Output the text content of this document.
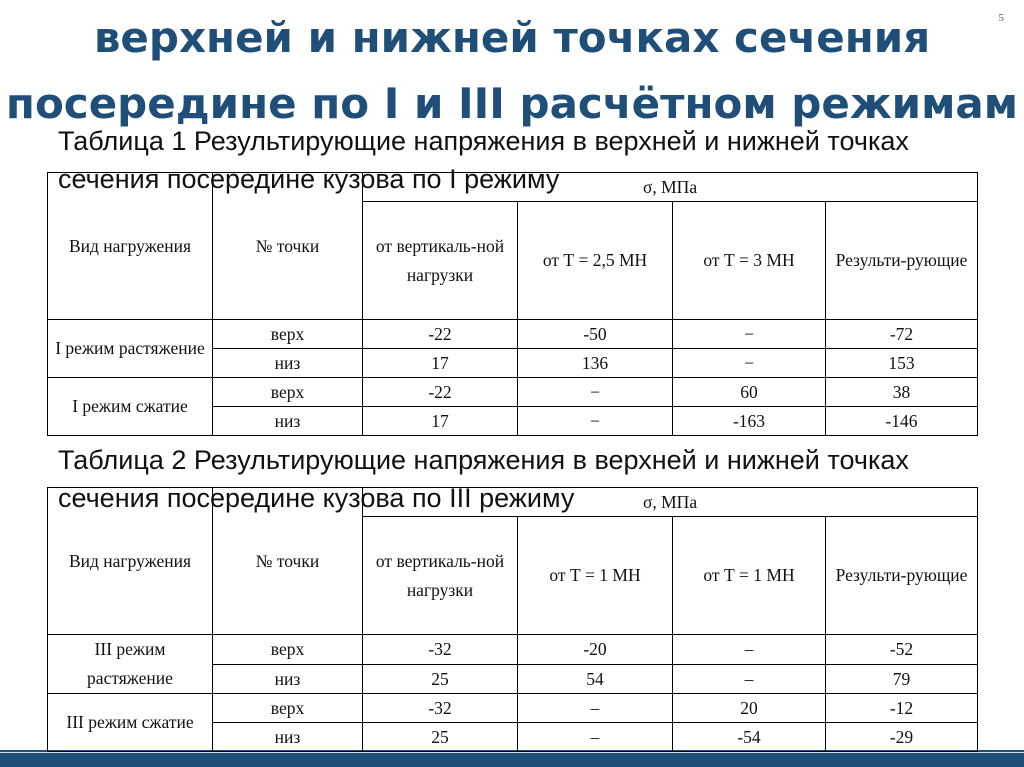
5
верхней и нижней точках сечения посередине по I и III расчётном режимам
Таблица 1 Результирующие напряжения в верхней и нижней точках сечения посередине кузова по I режиму
Вид нагружения	№ точки	σ, МПа			
		от вертикаль-ной нагрузки	от Т = 2,5 МН	от Т = 3 МН	Результи-рующие
I режим растяжение	верх	-22	-50	−	-72
	низ	17	136	−	153
I режим сжатие	верх	-22	−	60	38
	низ	17	−	-163	-146
Таблица 2 Результирующие напряжения в верхней и нижней точках сечения посередине кузова по III режиму
Вид нагружения	№ точки	σ, МПа			
		от вертикаль-ной нагрузки	от Т = 1 МН	от Т = 1 МН	Результи-рующие
III режим растяжение	верх	-32	-20	–	-52
	низ	25	54	–	79
III режим сжатие	верх	-32	–	20	-12
	низ	25	–	-54	-29
